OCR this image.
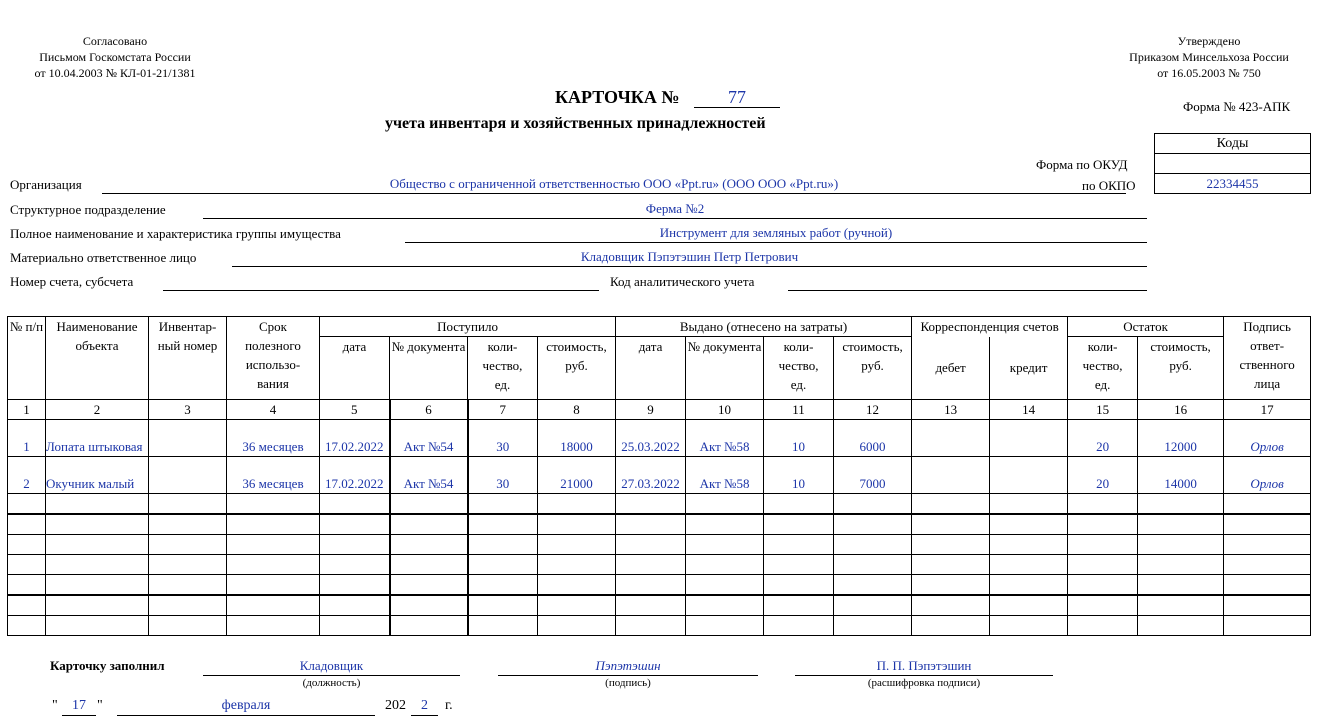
Согласовано
Письмом Госкомстата России
от 10.04.2003 № КЛ-01-21/1381
Утверждено
Приказом Минсельхоза России
от 16.05.2003 № 750
Форма № 423-АПК
КАРТОЧКА №	77
учета инвентаря и хозяйственных принадлежностей
Форма по ОКУД
по ОКПО
Коды

22334455
Организация	Общество с ограниченной ответственностью ООО «Ppt.ru» (ООО ООО «Ppt.ru»)
Структурное подразделение	Ферма №2
Полное наименование и характеристика группы имущества	Инструмент для земляных работ (ручной)
Материально ответственное лицо	Кладовщик Пэпэтэшин Петр Петрович
Номер счета, субсчета	Код аналитического учета
№ п/п	Наименование объекта	Инвентар-ный номер	Срок полезного использо-вания	Поступило				Выдано (отнесено на затраты)				Корреспонденция счетов		Остаток		Подпись ответ-ственного лица
				дата	№ документа	коли-чество, ед.	стоимость, руб.	дата	№ документа	коли-чество, ед.	стоимость, руб.	дебет	кредит	коли-чество, ед.	стоимость, руб.	
1	2	3	4	5	6	7	8	9	10	11	12	13	14	15	16	17
1	Лопата штыковая		36 месяцев	17.02.2022	Акт №54	30	18000	25.03.2022	Акт №58	10	6000			20	12000	Орлов
2	Окучник малый		36 месяцев	17.02.2022	Акт №54	30	21000	27.03.2022	Акт №58	10	7000			20	14000	Орлов

Карточку заполнил	Кладовщик
(должность)
Пэпэтэшин
(подпись)
П. П. Пэпэтэшин
(расшифровка подписи)
"	17 "	февраля	202	2	г.
